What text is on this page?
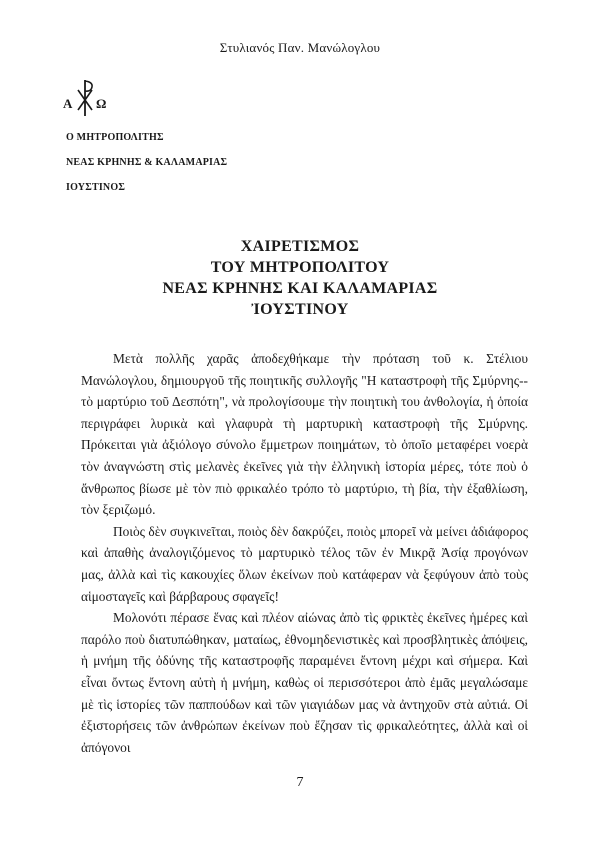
Στυλιανός Παν. Μανώλογλου
Α Ω
Ο ΜΗΤΡΟΠΟΛΙΤΗΣ
ΝΕΑΣ ΚΡΗΝΗΣ & ΚΑΛΑΜΑΡΙΑΣ
ΙΟΥΣΤΙΝΟΣ
ΧΑΙΡΕΤΙΣΜΟΣ
ΤΟΥ ΜΗΤΡΟΠΟΛΙΤΟΥ
ΝΕΑΣ ΚΡΗΝΗΣ ΚΑΙ ΚΑΛΑΜΑΡΙΑΣ
ἸΟΥΣΤΙΝΟΥ

Μετὰ πολλῆς χαρᾶς ἀποδεχθήκαμε τὴν πρόταση τοῦ κ. Στέλιου Μανώλογλου, δημιουργοῦ τῆς ποιητικῆς συλλογῆς "Η καταστροφὴ τῆς Σμύρνης-- τὸ μαρτύριο τοῦ Δεσπότη", νὰ προλογίσουμε τὴν ποιητικὴ του ἀνθολογία, ἡ ὁποία περιγράφει λυρικὰ καὶ γλαφυρὰ τὴ μαρτυρικὴ καταστροφὴ τῆς Σμύρνης. Πρόκειται γιὰ ἀξιόλογο σύνολο ἔμμετρων ποιημάτων, τὸ ὁποῖο μεταφέρει νοερὰ τὸν ἀναγνώστη στὶς μελανὲς ἐκεῖνες γιὰ τὴν ἑλληνικὴ ἱστορία μέρες, τότε ποὺ ὁ ἄνθρωπος βίωσε μὲ τὸν πιὸ φρικαλέο τρόπο τὸ μαρτύριο, τὴ βία, τὴν ἐξαθλίωση, τὸν ξεριζωμό.

Ποιὸς δὲν συγκινεῖται, ποιὸς δὲν δακρύζει, ποιὸς μπορεῖ νὰ μείνει ἀδιάφορος καὶ ἀπαθὴς ἀναλογιζόμενος τὸ μαρτυρικὸ τέλος τῶν ἐν Μικρᾷ Ἀσίᾳ προγόνων μας, ἀλλὰ καὶ τὶς κακουχίες ὅλων ἐκείνων ποὺ κατάφεραν νὰ ξεφύγουν ἀπὸ τοὺς αἱμοσταγεῖς καὶ βάρβαρους σφαγεῖς!

Μολονότι πέρασε ἕνας καὶ πλέον αἰώνας ἀπὸ τὶς φρικτὲς ἐκεῖνες ἡμέρες καὶ παρόλο ποὺ διατυπώθηκαν, ματαίως, ἐθνομηδενιστικὲς καὶ προσβλητικὲς ἀπόψεις, ἡ μνήμη τῆς ὀδύνης τῆς καταστροφῆς παραμένει ἔντονη μέχρι καὶ σήμερα. Καὶ εἶναι ὄντως ἔντονη αὐτὴ ἡ μνήμη, καθὼς οἱ περισσότεροι ἀπὸ ἐμᾶς μεγαλώσαμε μὲ τὶς ἱστορίες τῶν παππούδων καὶ τῶν γιαγιάδων μας νὰ ἀντηχοῦν στὰ αὐτιά. Οἱ ἐξιστορήσεις τῶν ἀνθρώπων ἐκείνων ποὺ ἔζησαν τὶς φρικαλεότητες, ἀλλὰ καὶ οἱ ἀπόγονοι

7
